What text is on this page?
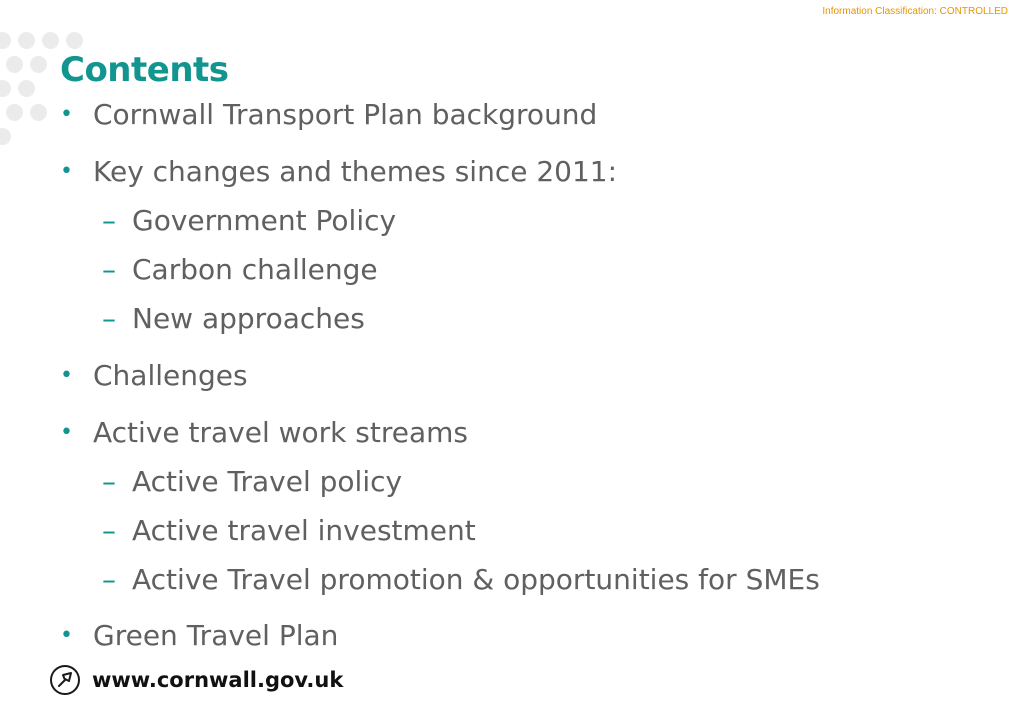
Information Classification: CONTROLLED
Contents
• Cornwall Transport Plan background
• Key changes and themes since 2011:
– Government Policy
– Carbon challenge
– New approaches
• Challenges
• Active travel work streams
– Active Travel policy
– Active travel investment
– Active Travel promotion & opportunities for SMEs
• Green Travel Plan
www.cornwall.gov.uk
